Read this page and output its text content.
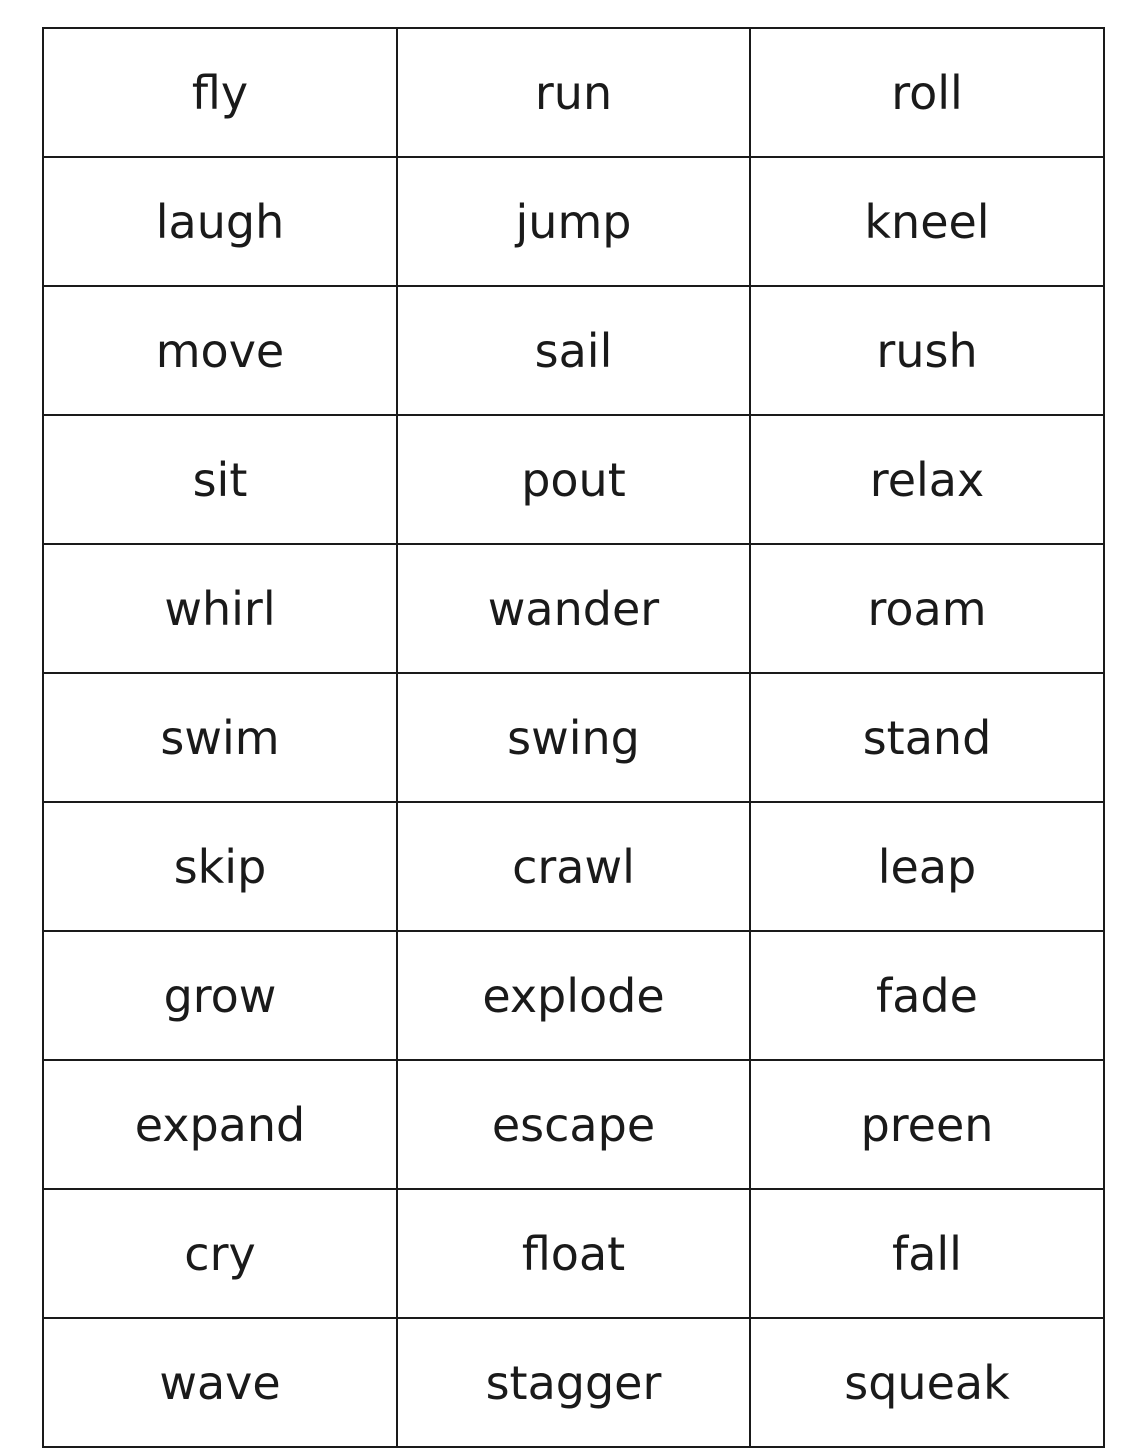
fly	run	roll
laugh	jump	kneel
move	sail	rush
sit	pout	relax
whirl	wander	roam
swim	swing	stand
skip	crawl	leap
grow	explode	fade
expand	escape	preen
cry	float	fall
wave	stagger	squeak
